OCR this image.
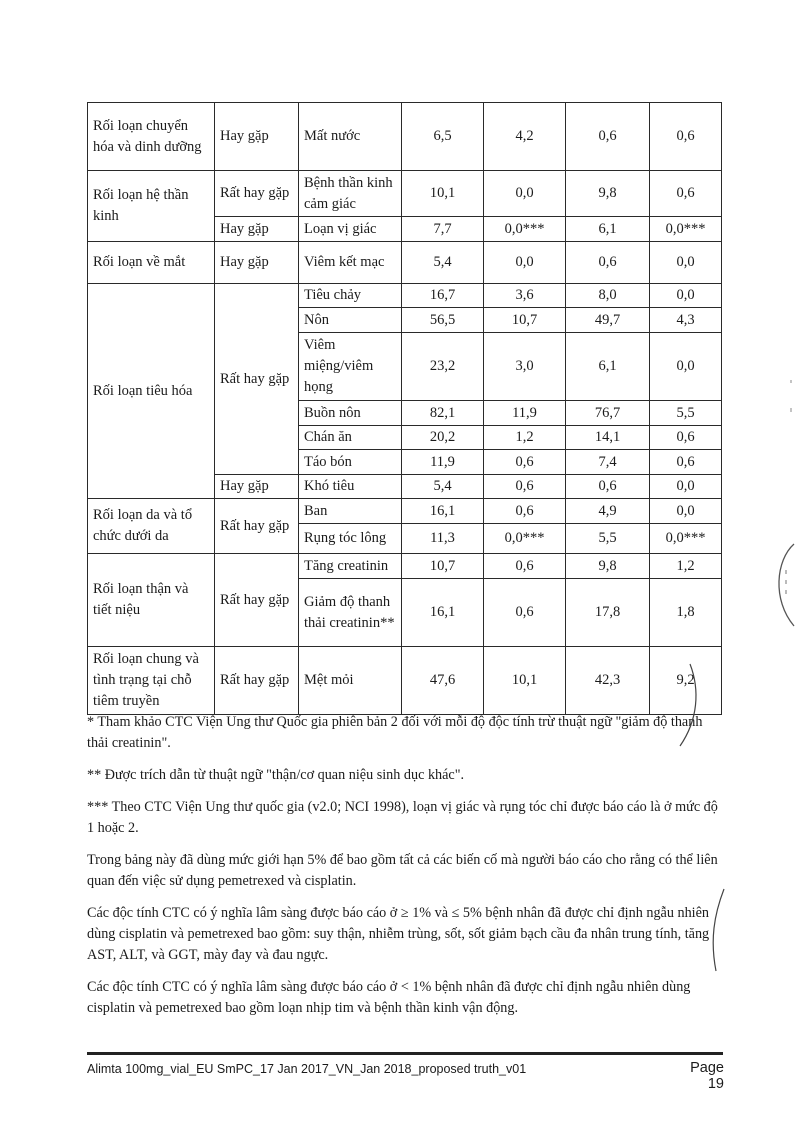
Rối loạn chuyển hóa và dinh dưỡng	Hay gặp	Mất nước	6,5	4,2	0,6	0,6
Rối loạn hệ thần kinh	Rất hay gặp	Bệnh thần kinh cảm giác	10,1	0,0	9,8	0,6
	Hay gặp	Loạn vị giác	7,7	0,0***	6,1	0,0***
Rối loạn về mắt	Hay gặp	Viêm kết mạc	5,4	0,0	0,6	0,0
Rối loạn tiêu hóa	Rất hay gặp	Tiêu chảy	16,7	3,6	8,0	0,0
		Nôn	56,5	10,7	49,7	4,3
		Viêm miệng/viêm họng	23,2	3,0	6,1	0,0
		Buồn nôn	82,1	11,9	76,7	5,5
		Chán ăn	20,2	1,2	14,1	0,6
		Táo bón	11,9	0,6	7,4	0,6
	Hay gặp	Khó tiêu	5,4	0,6	0,6	0,0
Rối loạn da và tổ chức dưới da	Rất hay gặp	Ban	16,1	0,6	4,9	0,0
		Rụng tóc lông	11,3	0,0***	5,5	0,0***
Rối loạn thận và tiết niệu	Rất hay gặp	Tăng creatinin	10,7	0,6	9,8	1,2
		Giảm độ thanh thải creatinin**	16,1	0,6	17,8	1,8
Rối loạn chung và tình trạng tại chỗ tiêm truyền	Rất hay gặp	Mệt mỏi	47,6	10,1	42,3	9,2

* Tham khảo CTC Viện Ung thư Quốc gia phiên bản 2 đối với mỗi độ độc tính trừ thuật ngữ "giảm độ thanh thải creatinin".

** Được trích dẫn từ thuật ngữ "thận/cơ quan niệu sinh dục khác".

*** Theo CTC Viện Ung thư quốc gia (v2.0; NCI 1998), loạn vị giác và rụng tóc chỉ được báo cáo là ở mức độ 1 hoặc 2.

Trong bảng này đã dùng mức giới hạn 5% để bao gồm tất cả các biến cố mà người báo cáo cho rằng có thể liên quan đến việc sử dụng pemetrexed và cisplatin.

Các độc tính CTC có ý nghĩa lâm sàng được báo cáo ở ≥ 1% và ≤ 5% bệnh nhân đã được chỉ định ngẫu nhiên dùng cisplatin và pemetrexed bao gồm: suy thận, nhiễm trùng, sốt, sốt giảm bạch cầu đa nhân trung tính, tăng AST, ALT, và GGT, mày đay và đau ngực.

Các độc tính CTC có ý nghĩa lâm sàng được báo cáo ở < 1% bệnh nhân đã được chỉ định ngẫu nhiên dùng cisplatin và pemetrexed bao gồm loạn nhịp tim và bệnh thần kinh vận động.

Alimta 100mg_vial_EU SmPC_17 Jan 2017_VN_Jan 2018_proposed truth_v01	Page 19
